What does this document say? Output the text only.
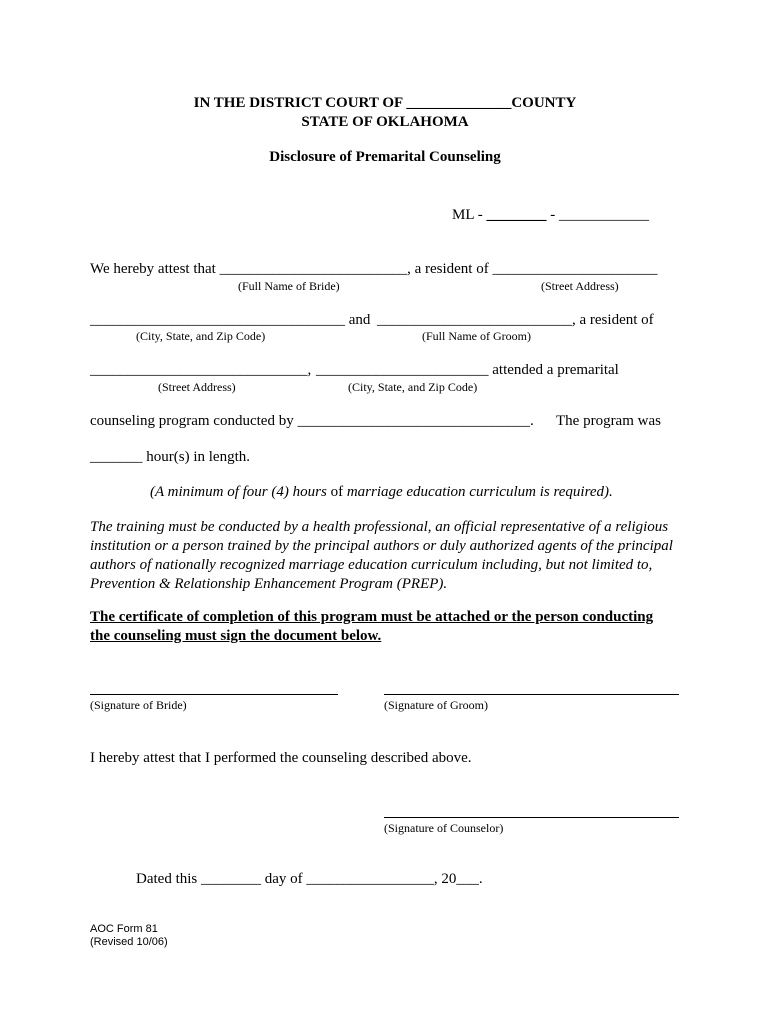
IN THE DISTRICT COURT OF ______________COUNTY
STATE OF OKLAHOMA
Disclosure of Premarital Counseling
ML - ________ - ____________
We hereby attest that _________________________, a resident of ______________________
(Full Name of Bride)	(Street Address)
__________________________________ and __________________________, a resident of
(City, State, and Zip Code)	(Full Name of Groom)
_____________________________, _______________________ attended a premarital
(Street Address)	(City, State, and Zip Code)
counseling program conducted by _______________________________. The program was
_______ hour(s) in length.
(A minimum of four (4) hours of marriage education curriculum is required).
The training must be conducted by a health professional, an official representative of a religious
institution or a person trained by the principal authors or duly authorized agents of the principal
authors of nationally recognized marriage education curriculum including, but not limited to,
Prevention & Relationship Enhancement Program (PREP).
The certificate of completion of this program must be attached or the person conducting
the counseling must sign the document below.
(Signature of Bride)	(Signature of Groom)
I hereby attest that I performed the counseling described above.
(Signature of Counselor)
Dated this ________ day of _________________, 20___.
AOC Form 81
(Revised 10/06)
